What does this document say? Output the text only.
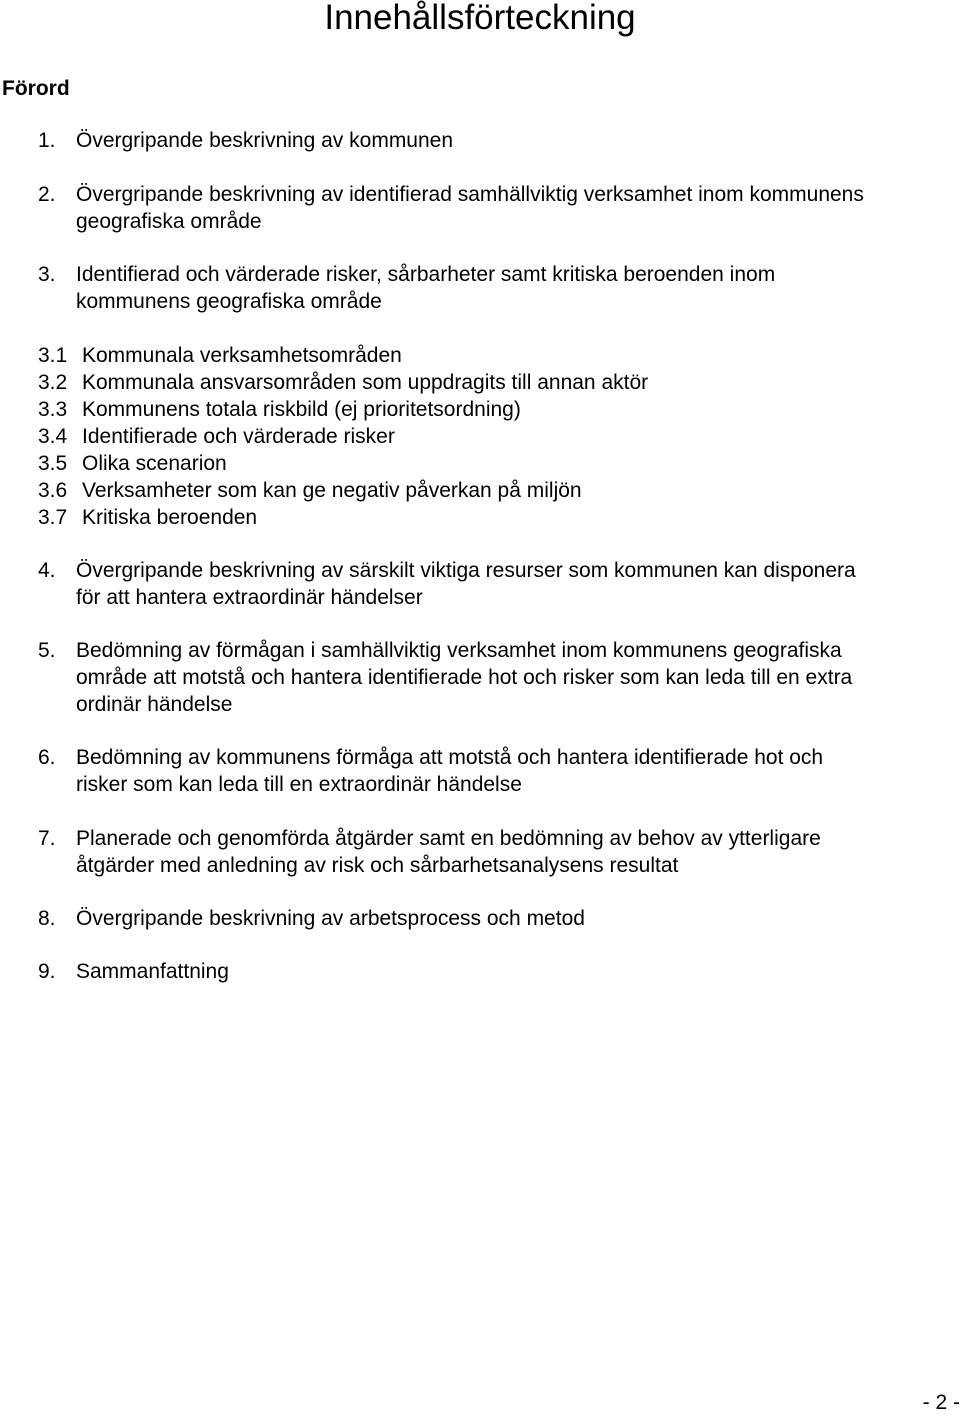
Innehållsförteckning
Förord
1. Övergripande beskrivning av kommunen
2. Övergripande beskrivning av identifierad samhällviktig verksamhet inom kommunens
geografiska område
3. Identifierad och värderade risker, sårbarheter samt kritiska beroenden inom
kommunens geografiska område
3.1 Kommunala verksamhetsområden
3.2 Kommunala ansvarsområden som uppdragits till annan aktör
3.3 Kommunens totala riskbild (ej prioritetsordning)
3.4 Identifierade och värderade risker
3.5 Olika scenarion
3.6 Verksamheter som kan ge negativ påverkan på miljön
3.7 Kritiska beroenden
4. Övergripande beskrivning av särskilt viktiga resurser som kommunen kan disponera
för att hantera extraordinär händelser
5. Bedömning av förmågan i samhällviktig verksamhet inom kommunens geografiska
område att motstå och hantera identifierade hot och risker som kan leda till en extra
ordinär händelse
6. Bedömning av kommunens förmåga att motstå och hantera identifierade hot och
risker som kan leda till en extraordinär händelse
7. Planerade och genomförda åtgärder samt en bedömning av behov av ytterligare
åtgärder med anledning av risk och sårbarhetsanalysens resultat
8. Övergripande beskrivning av arbetsprocess och metod
9. Sammanfattning
- 2 -
